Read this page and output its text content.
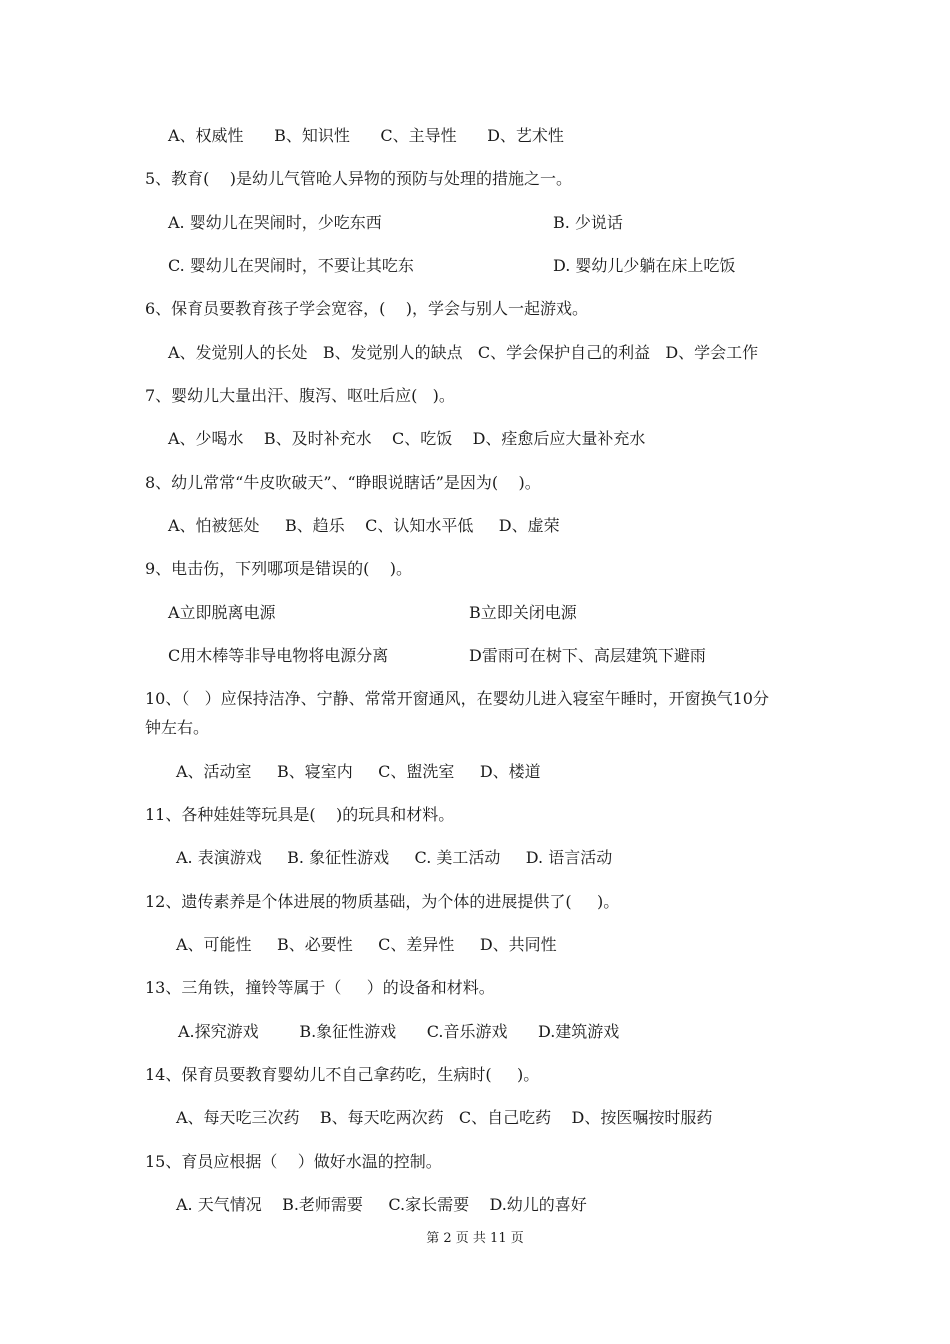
A、权威性      B、知识性      C、主导性      D、艺术性
5、教育(    )是幼儿气管呛人异物的预防与处理的措施之一。
A. 婴幼儿在哭闹时，少吃东西	B. 少说话
C. 婴幼儿在哭闹时，不要让其吃东	D. 婴幼儿少躺在床上吃饭
6、保育员要教育孩子学会宽容，(    )，学会与别人一起游戏。
A、发觉别人的长处   B、发觉别人的缺点   C、学会保护自己的利益   D、学会工作
7、婴幼儿大量出汗、腹泻、呕吐后应(   )。
A、少喝水    B、及时补充水    C、吃饭    D、痊愈后应大量补充水
8、幼儿常常“牛皮吹破天”、“睁眼说瞎话”是因为(    )。
A、怕被惩处     B、趋乐    C、认知水平低     D、虚荣
9、电击伤，下列哪项是错误的(    )。
A立即脱离电源	B立即关闭电源
C用木棒等非导电物将电源分离	D雷雨可在树下、高层建筑下避雨
10、（   ）应保持洁净、宁静、常常开窗通风，在婴幼儿进入寝室午睡时，开窗换气10分
钟左右。
A、活动室     B、寝室内     C、盥洗室     D、楼道
11、各种娃娃等玩具是(    )的玩具和材料。
A. 表演游戏     B. 象征性游戏     C. 美工活动     D. 语言活动
12、遗传素养是个体进展的物质基础，为个体的进展提供了(     )。
A、可能性     B、必要性     C、差异性     D、共同性
13、三角铁，撞铃等属于（     ）的设备和材料。
A.探究游戏        B.象征性游戏      C.音乐游戏      D.建筑游戏
14、保育员要教育婴幼儿不自己拿药吃，生病时(     )。
A、每天吃三次药    B、每天吃两次药   C、自己吃药    D、按医嘱按时服药
15、育员应根据（    ）做好水温的控制。
A. 天气情况    B.老师需要     C.家长需要    D.幼儿的喜好
第 2 页 共 11 页
